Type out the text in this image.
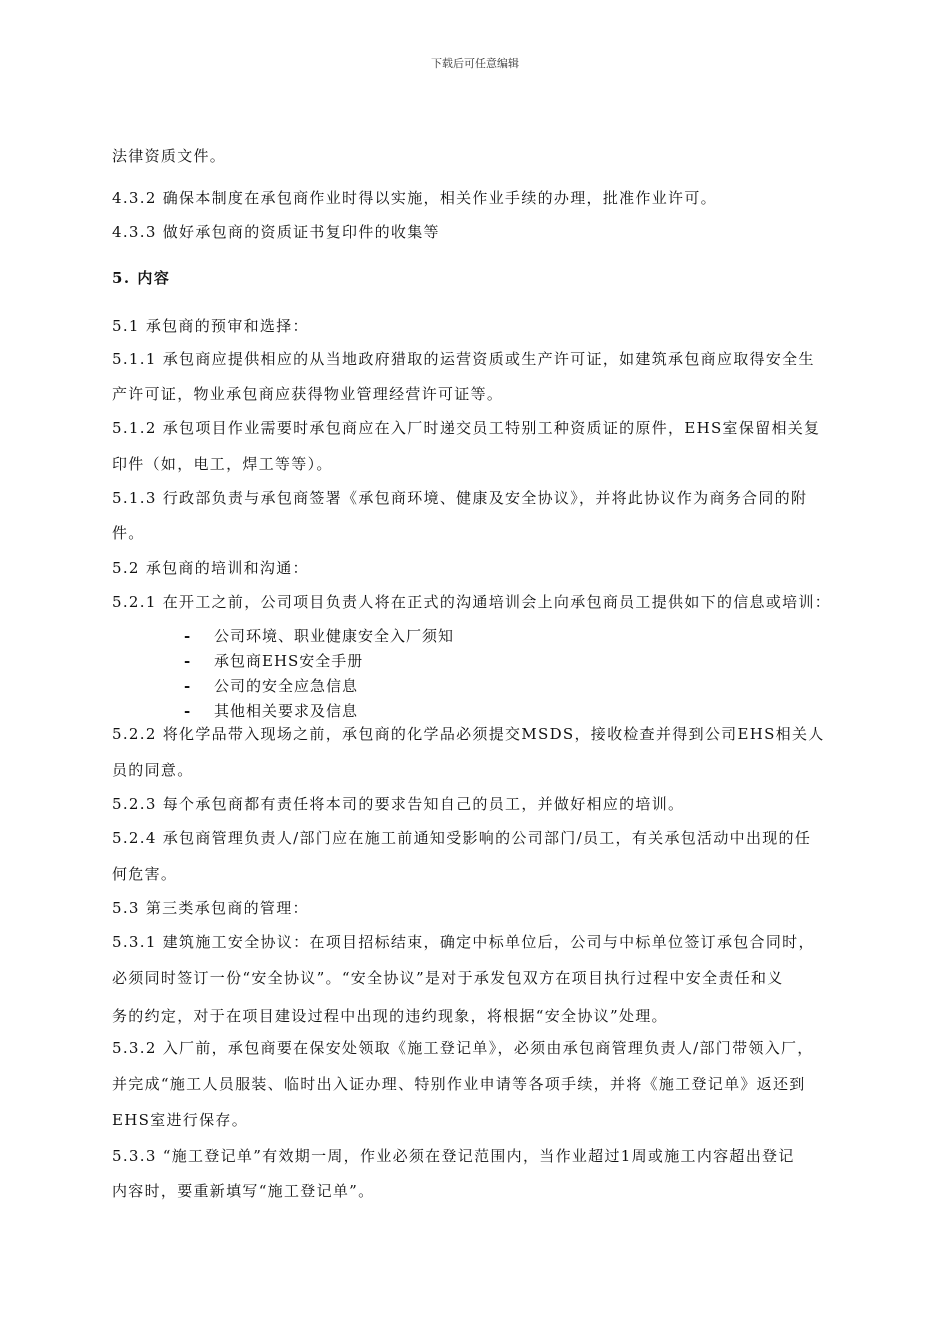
下载后可任意编辑
法律资质文件。
4.3.2 确保本制度在承包商作业时得以实施，相关作业手续的办理，批准作业许可。
4.3.3 做好承包商的资质证书复印件的收集等
5. 内容
5.1 承包商的预审和选择：
5.1.1 承包商应提供相应的从当地政府猎取的运营资质或生产许可证，如建筑承包商应取得安全生
产许可证，物业承包商应获得物业管理经营许可证等。
5.1.2 承包项目作业需要时承包商应在入厂时递交员工特别工种资质证的原件，EHS室保留相关复
印件（如，电工，焊工等等）。
5.1.3 行政部负责与承包商签署《承包商环境、健康及安全协议》，并将此协议作为商务合同的附
件。
5.2 承包商的培训和沟通：
5.2.1 在开工之前，公司项目负责人将在正式的沟通培训会上向承包商员工提供如下的信息或培训：
- 公司环境、职业健康安全入厂须知
- 承包商EHS安全手册
- 公司的安全应急信息
- 其他相关要求及信息
5.2.2 将化学品带入现场之前，承包商的化学品必须提交MSDS，接收检查并得到公司EHS相关人
员的同意。
5.2.3 每个承包商都有责任将本司的要求告知自己的员工，并做好相应的培训。
5.2.4 承包商管理负责人/部门应在施工前通知受影响的公司部门/员工，有关承包活动中出现的任
何危害。
5.3 第三类承包商的管理：
5.3.1 建筑施工安全协议：在项目招标结束，确定中标单位后，公司与中标单位签订承包合同时，
必须同时签订一份“安全协议”。“安全协议”是对于承发包双方在项目执行过程中安全责任和义
务的约定，对于在项目建设过程中出现的违约现象，将根据“安全协议”处理。
5.3.2 入厂前，承包商要在保安处领取《施工登记单》，必须由承包商管理负责人/部门带领入厂，
并完成“施工人员服装、临时出入证办理、特别作业申请等各项手续，并将《施工登记单》返还到
EHS室进行保存。
5.3.3 “施工登记单”有效期一周，作业必须在登记范围内，当作业超过1周或施工内容超出登记
内容时，要重新填写“施工登记单”。
